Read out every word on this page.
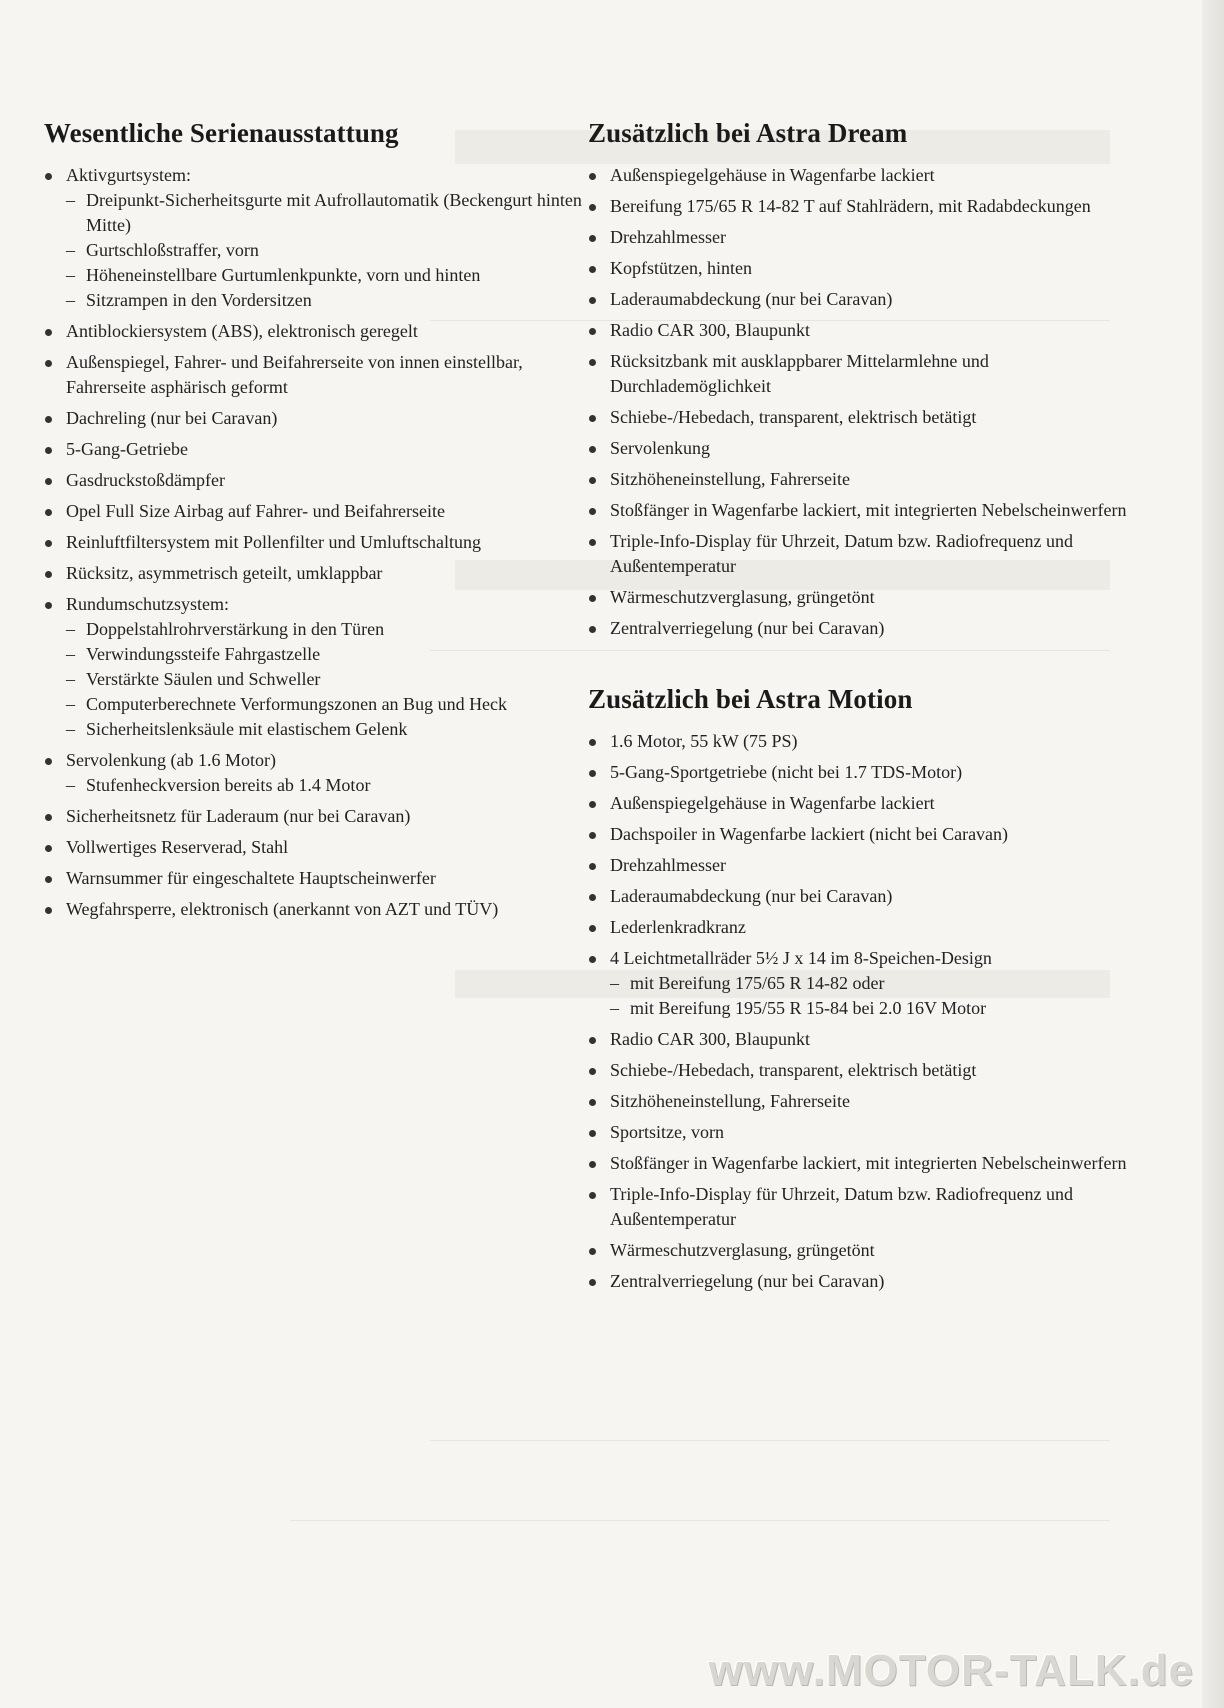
Wesentliche Serienausstattung
Aktivgurtsystem:
– Dreipunkt-Sicherheitsgurte mit Aufrollautomatik (Beckengurt hinten Mitte)
– Gurtschloßstraffer, vorn
– Höheneinstellbare Gurtumlenkpunkte, vorn und hinten
– Sitzrampen in den Vordersitzen
Antiblockiersystem (ABS), elektronisch geregelt
Außenspiegel, Fahrer- und Beifahrerseite von innen einstellbar, Fahrerseite asphärisch geformt
Dachreling (nur bei Caravan)
5-Gang-Getriebe
Gasdruckstoßdämpfer
Opel Full Size Airbag auf Fahrer- und Beifahrerseite
Reinluftfiltersystem mit Pollenfilter und Umluftschaltung
Rücksitz, asymmetrisch geteilt, umklappbar
Rundumschutzsystem:
– Doppelstahlrohrverstärkung in den Türen
– Verwindungssteife Fahrgastzelle
– Verstärkte Säulen und Schweller
– Computerberechnete Verformungszonen an Bug und Heck
– Sicherheitslenksäule mit elastischem Gelenk
Servolenkung (ab 1.6 Motor)
– Stufenheckversion bereits ab 1.4 Motor
Sicherheitsnetz für Laderaum (nur bei Caravan)
Vollwertiges Reserverad, Stahl
Warnsummer für eingeschaltete Hauptscheinwerfer
Wegfahrsperre, elektronisch (anerkannt von AZT und TÜV)
Zusätzlich bei Astra Dream
Außenspiegelgehäuse in Wagenfarbe lackiert
Bereifung 175/65 R 14-82 T auf Stahlrädern, mit Radabdeckungen
Drehzahlmesser
Kopfstützen, hinten
Laderaumabdeckung (nur bei Caravan)
Radio CAR 300, Blaupunkt
Rücksitzbank mit ausklappbarer Mittelarmlehne und Durchlademöglichkeit
Schiebe-/Hebedach, transparent, elektrisch betätigt
Servolenkung
Sitzhöheneinstellung, Fahrerseite
Stoßfänger in Wagenfarbe lackiert, mit integrierten Nebelscheinwerfern
Triple-Info-Display für Uhrzeit, Datum bzw. Radiofrequenz und Außentemperatur
Wärmeschutzverglasung, grüngetönt
Zentralverriegelung (nur bei Caravan)
Zusätzlich bei Astra Motion
1.6 Motor, 55 kW (75 PS)
5-Gang-Sportgetriebe (nicht bei 1.7 TDS-Motor)
Außenspiegelgehäuse in Wagenfarbe lackiert
Dachspoiler in Wagenfarbe lackiert (nicht bei Caravan)
Drehzahlmesser
Laderaumabdeckung (nur bei Caravan)
Lederlenkradkranz
4 Leichtmetallräder 5½ J x 14 im 8-Speichen-Design
– mit Bereifung 175/65 R 14-82 oder
– mit Bereifung 195/55 R 15-84 bei 2.0 16V Motor
Radio CAR 300, Blaupunkt
Schiebe-/Hebedach, transparent, elektrisch betätigt
Sitzhöheneinstellung, Fahrerseite
Sportsitze, vorn
Stoßfänger in Wagenfarbe lackiert, mit integrierten Nebelscheinwerfern
Triple-Info-Display für Uhrzeit, Datum bzw. Radiofrequenz und Außentemperatur
Wärmeschutzverglasung, grüngetönt
Zentralverriegelung (nur bei Caravan)
www.MOTOR-TALK.de
